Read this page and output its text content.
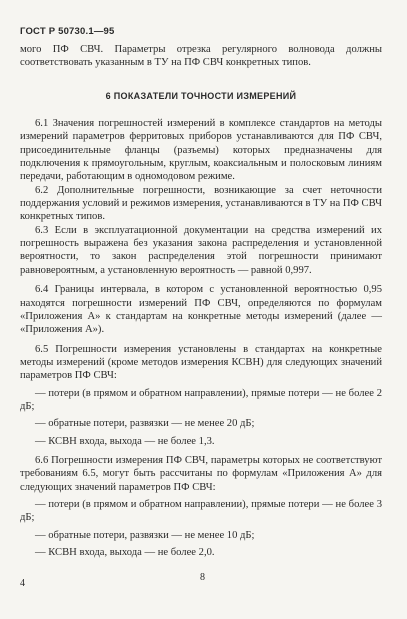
ГОСТ Р 50730.1—95

мого ПФ СВЧ. Параметры отрезка регулярного волновода должны соответствовать указанным в ТУ на ПФ СВЧ конкретных типов.

6 ПОКАЗАТЕЛИ ТОЧНОСТИ ИЗМЕРЕНИЙ

6.1 Значения погрешностей измерений в комплексе стандартов на методы измерений параметров ферритовых приборов устанавливаются для ПФ СВЧ, присоединительные фланцы (разъемы) которых предназначены для подключения к прямоугольным, круглым, коаксиальным и полосковым линиям передачи, работающим в одномодовом режиме.

6.2 Дополнительные погрешности, возникающие за счет неточности поддержания условий и режимов измерения, устанавливаются в ТУ на ПФ СВЧ конкретных типов.

6.3 Если в эксплуатационной документации на средства измерений их погрешность выражена без указания закона распределения и установленной вероятности, то закон распределения этой погрешности принимают равновероятным, а установленную вероятность — равной 0,997.

6.4 Границы интервала, в котором с установленной вероятностью 0,95 находятся погрешности измерений ПФ СВЧ, определяются по формулам «Приложения А» к стандартам на конкретные методы измерений (далее — «Приложения А»).

6.5 Погрешности измерения установлены в стандартах на конкретные методы измерений (кроме методов измерения КСВН) для следующих значений параметров ПФ СВЧ:

— потери (в прямом и обратном направлении), прямые потери — не более 2 дБ;

— обратные потери, развязки — не менее 20 дБ;

— КСВН входа, выхода — не более 1,3.

6.6 Погрешности измерения ПФ СВЧ, параметры которых не соответствуют требованиям 6.5, могут быть рассчитаны по формулам «Приложения А» для следующих значений параметров ПФ СВЧ:

— потери (в прямом и обратном направлении), прямые потери — не более 3 дБ;

— обратные потери, развязки — не менее 10 дБ;

— КСВН входа, выхода — не более 2,0.

4
8
